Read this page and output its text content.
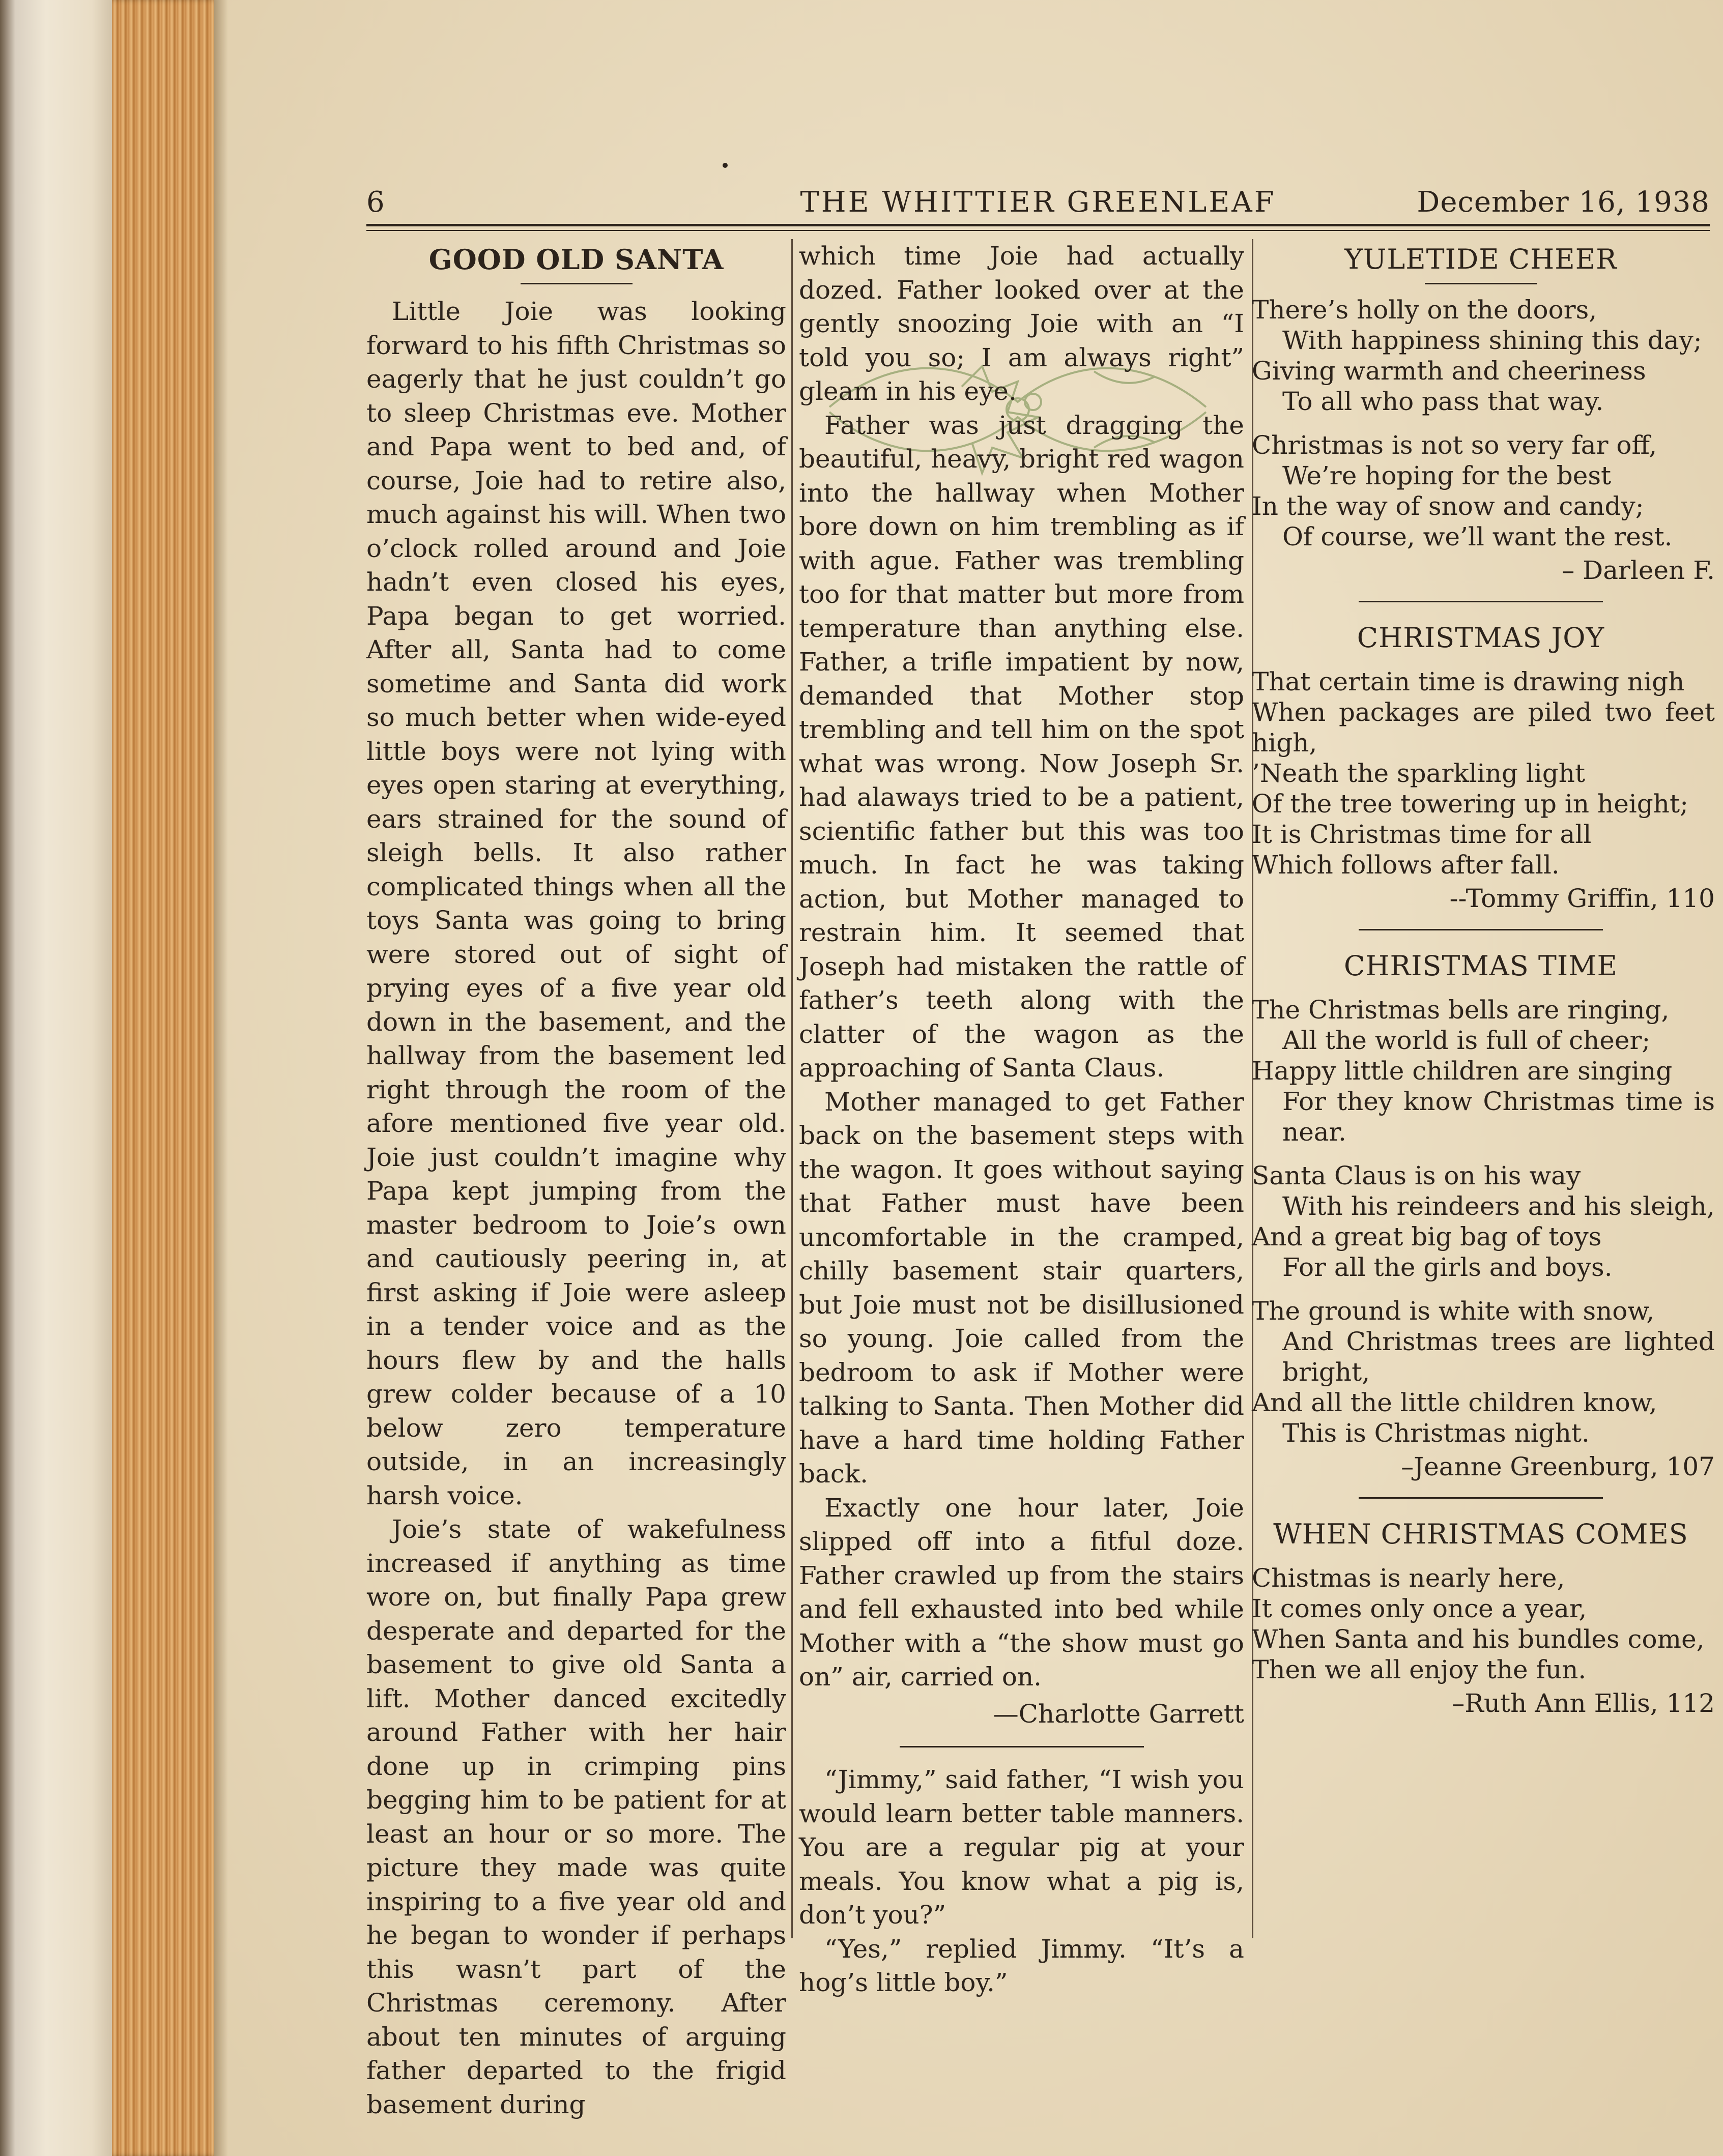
6	THE WHITTIER GREENLEAF	December 16, 1938
GOOD OLD SANTA

Little Joie was looking forward to his fifth Christmas so eagerly that he just couldn’t go to sleep Christmas eve. Mother and Papa went to bed and, of course, Joie had to retire also, much against his will. When two o’clock rolled around and Joie hadn’t even closed his eyes, Papa began to get worried. After all, Santa had to come sometime and Santa did work so much better when wide-eyed little boys were not lying with eyes open staring at everything, ears strained for the sound of sleigh bells. It also rather complicated things when all the toys Santa was going to bring were stored out of sight of prying eyes of a five year old down in the basement, and the hallway from the basement led right through the room of the afore mentioned five year old. Joie just couldn’t imagine why Papa kept jumping from the master bedroom to Joie’s own and cautiously peering in, at first asking if Joie were asleep in a tender voice and as the hours flew by and the halls grew colder because of a 10 below zero temperature outside, in an increasingly harsh voice.

Joie’s state of wakefulness increased if anything as time wore on, but finally Papa grew desperate and departed for the basement to give old Santa a lift. Mother danced excitedly around Father with her hair done up in crimping pins begging him to be patient for at least an hour or so more. The picture they made was quite inspiring to a five year old and he began to wonder if perhaps this wasn’t part of the Christmas ceremony. After about ten minutes of arguing father departed to the frigid basement during

which time Joie had actually dozed. Father looked over at the gently snoozing Joie with an “I told you so; I am always right” gleam in his eye.

Father was just dragging the beautiful, heavy, bright red wagon into the hallway when Mother bore down on him trembling as if with ague. Father was trembling too for that matter but more from temperature than anything else. Father, a trifle impatient by now, demanded that Mother stop trembling and tell him on the spot what was wrong. Now Joseph Sr. had alaways tried to be a patient, scientific father but this was too much. In fact he was taking action, but Mother managed to restrain him. It seemed that Joseph had mistaken the rattle of father’s teeth along with the clatter of the wagon as the approaching of Santa Claus.

Mother managed to get Father back on the basement steps with the wagon. It goes without saying that Father must have been uncomfortable in the cramped, chilly basement stair quarters, but Joie must not be disillusioned so young. Joie called from the bedroom to ask if Mother were talking to Santa. Then Mother did have a hard time holding Father back.

Exactly one hour later, Joie slipped off into a fitful doze. Father crawled up from the stairs and fell exhausted into bed while Mother with a “the show must go on” air, carried on.

—Charlotte Garrett

“Jimmy,” said father, “I wish you would learn better table manners. You are a regular pig at your meals. You know what a pig is, don’t you?”

“Yes,” replied Jimmy. “It’s a hog’s little boy.”

YULETIDE CHEER
There’s holly on the doors,
With happiness shining this day;
Giving warmth and cheeriness
To all who pass that way.
Christmas is not so very far off,
We’re hoping for the best
In the way of snow and candy;
Of course, we’ll want the rest.
– Darleen F.
CHRISTMAS JOY
That certain time is drawing nigh
When packages are piled two feet high,
’Neath the sparkling light
Of the tree towering up in height;
It is Christmas time for all
Which follows after fall.
--Tommy Griffin, 110
CHRISTMAS TIME
The Christmas bells are ringing,
All the world is full of cheer;
Happy little children are singing
For they know Christmas time is near.
Santa Claus is on his way
With his reindeers and his sleigh,
And a great big bag of toys
For all the girls and boys.
The ground is white with snow,
And Christmas trees are lighted bright,
And all the little children know,
This is Christmas night.
–Jeanne Greenburg, 107
WHEN CHRISTMAS COMES
Chistmas is nearly here,
It comes only once a year,
When Santa and his bundles come,
Then we all enjoy the fun.
–Ruth Ann Ellis, 112
